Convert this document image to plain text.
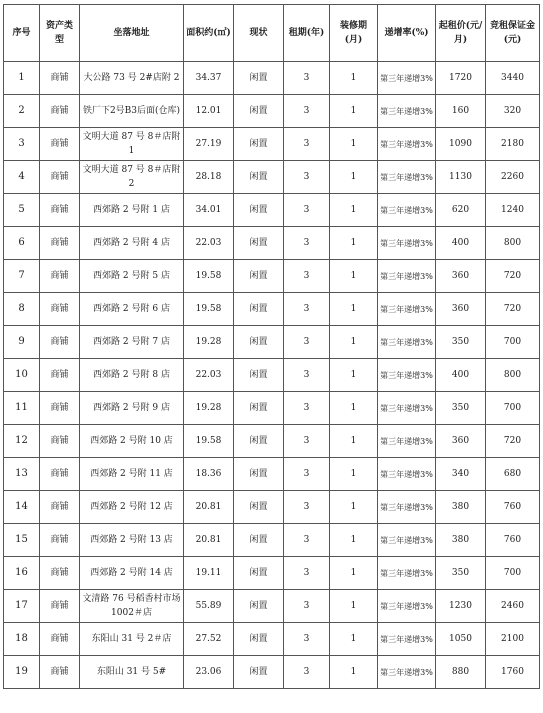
序号	资产类型	坐落地址	面积约(㎡)	现状	租期(年)	装修期(月)	递增率(%)	起租价(元/月)	竞租保证金(元)
1	商铺	大公路 73 号 2#店附 2	34.37	闲置	3	1	第三年递增3%	1720	3440
2	商铺	铁厂下2号B3后面(仓库)	12.01	闲置	3	1	第三年递增3%	160	320
3	商铺	文明大道 87 号 8＃店附 1	27.19	闲置	3	1	第三年递增3%	1090	2180
4	商铺	文明大道 87 号 8＃店附 2	28.18	闲置	3	1	第三年递增3%	1130	2260
5	商铺	西郊路 2 号附 1 店	34.01	闲置	3	1	第三年递增3%	620	1240
6	商铺	西郊路 2 号附 4 店	22.03	闲置	3	1	第三年递增3%	400	800
7	商铺	西郊路 2 号附 5 店	19.58	闲置	3	1	第三年递增3%	360	720
8	商铺	西郊路 2 号附 6 店	19.58	闲置	3	1	第三年递增3%	360	720
9	商铺	西郊路 2 号附 7 店	19.28	闲置	3	1	第三年递增3%	350	700
10	商铺	西郊路 2 号附 8 店	22.03	闲置	3	1	第三年递增3%	400	800
11	商铺	西郊路 2 号附 9 店	19.28	闲置	3	1	第三年递增3%	350	700
12	商铺	西郊路 2 号附 10 店	19.58	闲置	3	1	第三年递增3%	360	720
13	商铺	西郊路 2 号附 11 店	18.36	闲置	3	1	第三年递增3%	340	680
14	商铺	西郊路 2 号附 12 店	20.81	闲置	3	1	第三年递增3%	380	760
15	商铺	西郊路 2 号附 13 店	20.81	闲置	3	1	第三年递增3%	380	760
16	商铺	西郊路 2 号附 14 店	19.11	闲置	3	1	第三年递增3%	350	700
17	商铺	文清路 76 号稻香村市场 1002＃店	55.89	闲置	3	1	第三年递增3%	1230	2460
18	商铺	东阳山 31 号 2＃店	27.52	闲置	3	1	第三年递增3%	1050	2100
19	商铺	东阳山 31 号 5#	23.06	闲置	3	1	第三年递增3%	880	1760
